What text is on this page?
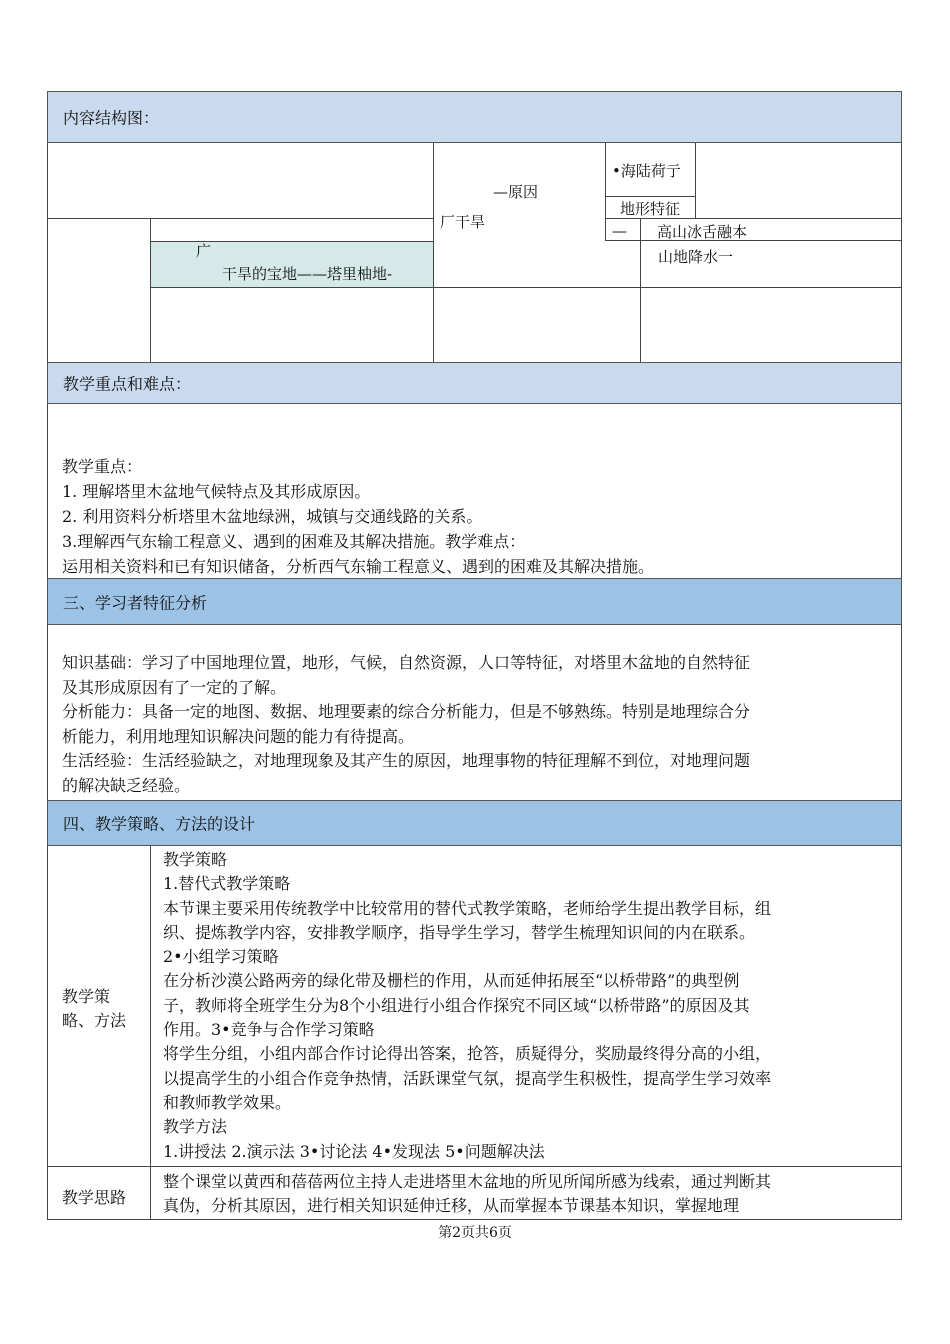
内容结构图：
—原因
•海陆荷亍
厂干旱
地形特征
— 高山冰舌融本
广
干旱的宝地——塔里柚地-
山地降水一
教学重点和难点：
教学重点：
1. 理解塔里木盆地气候特点及其形成原因。
2. 利用资料分析塔里木盆地绿洲，城镇与交通线路的关系。
3.理解西气东输工程意义、遇到的困难及其解决措施。教学难点：
运用相关资料和已有知识储备，分析西气东输工程意义、遇到的困难及其解决措施。
三、学习者特征分析
知识基础：学习了中国地理位置，地形，气候，自然资源，人口等特征，对塔里木盆地的自然特征
及其形成原因有了一定的了解。
分析能力：具备一定的地图、数据、地理要素的综合分析能力，但是不够熟练。特别是地理综合分
析能力，利用地理知识解决问题的能力有待提高。
生活经验：生活经验缺之，对地理现象及其产生的原因，地理事物的特征理解不到位，对地理问题
的解决缺乏经验。
四、教学策略、方法的设计
教学策
略、方法
教学策略
1.替代式教学策略
本节课主要采用传统教学中比较常用的替代式教学策略，老师给学生提出教学目标，组
织、提炼教学内容，安排教学顺序，指导学生学习，替学生梳理知识间的内在联系。
2•小组学习策略
在分析沙漠公路两旁的绿化带及栅栏的作用，从而延伸拓展至“以桥带路”的典型例
子，教师将全班学生分为8个小组进行小组合作探究不同区域“以桥带路”的原因及其
作用。3•竞争与合作学习策略
将学生分组，小组内部合作讨论得出答案，抢答，质疑得分，奖励最终得分高的小组，
以提高学生的小组合作竞争热情，活跃课堂气氛，提高学生积极性，提高学生学习效率
和教师教学效果。
教学方法
1.讲授法 2.演示法 3•讨论法 4•发现法 5•问题解决法
教学思路
整个课堂以黄西和蓓蓓两位主持人走进塔里木盆地的所见所闻所感为线索，通过判断其
真伪，分析其原因，进行相关知识延伸迁移，从而掌握本节课基本知识，掌握地理
第2页共6页
